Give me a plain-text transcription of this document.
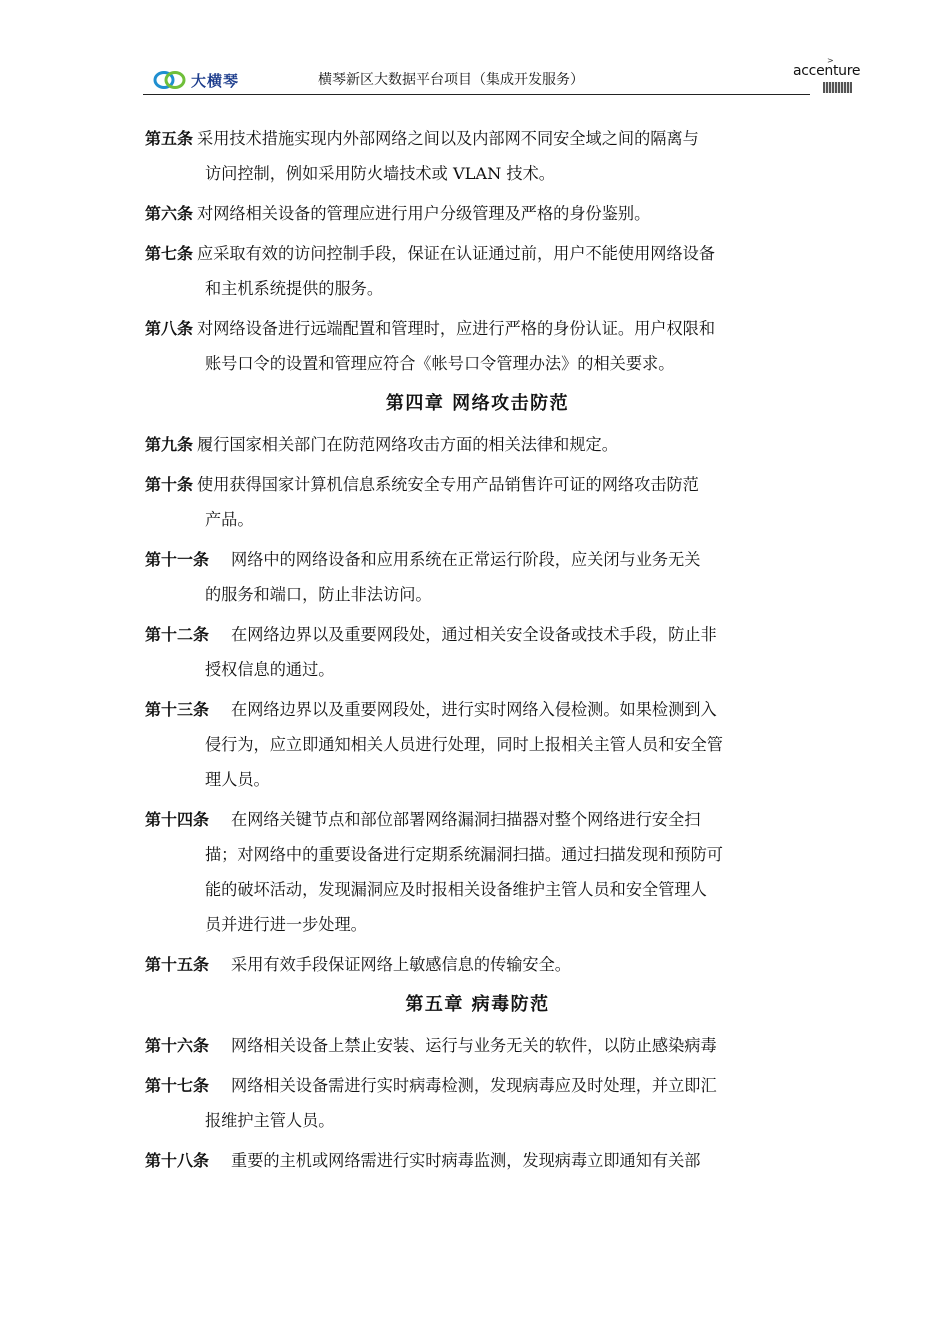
大横琴	横琴新区大数据平台项目（集成开发服务）
>
accenture
第五条 采用技术措施实现内外部网络之间以及内部网不同安全域之间的隔离与
访问控制，例如采用防火墙技术或 VLAN 技术。
第六条 对网络相关设备的管理应进行用户分级管理及严格的身份鉴别。
第七条 应采取有效的访问控制手段，保证在认证通过前，用户不能使用网络设备
和主机系统提供的服务。
第八条 对网络设备进行远端配置和管理时，应进行严格的身份认证。用户权限和
账号口令的设置和管理应符合《帐号口令管理办法》的相关要求。
第四章 网络攻击防范
第九条 履行国家相关部门在防范网络攻击方面的相关法律和规定。
第十条 使用获得国家计算机信息系统安全专用产品销售许可证的网络攻击防范
产品。
第十一条 网络中的网络设备和应用系统在正常运行阶段，应关闭与业务无关
的服务和端口，防止非法访问。
第十二条 在网络边界以及重要网段处，通过相关安全设备或技术手段，防止非
授权信息的通过。
第十三条 在网络边界以及重要网段处，进行实时网络入侵检测。如果检测到入
侵行为，应立即通知相关人员进行处理，同时上报相关主管人员和安全管
理人员。
第十四条 在网络关键节点和部位部署网络漏洞扫描器对整个网络进行安全扫
描；对网络中的重要设备进行定期系统漏洞扫描。通过扫描发现和预防可
能的破坏活动，发现漏洞应及时报相关设备维护主管人员和安全管理人
员并进行进一步处理。
第十五条 采用有效手段保证网络上敏感信息的传输安全。
第五章 病毒防范
第十六条 网络相关设备上禁止安装、运行与业务无关的软件，以防止感染病毒
第十七条 网络相关设备需进行实时病毒检测，发现病毒应及时处理，并立即汇
报维护主管人员。
第十八条 重要的主机或网络需进行实时病毒监测，发现病毒立即通知有关部
